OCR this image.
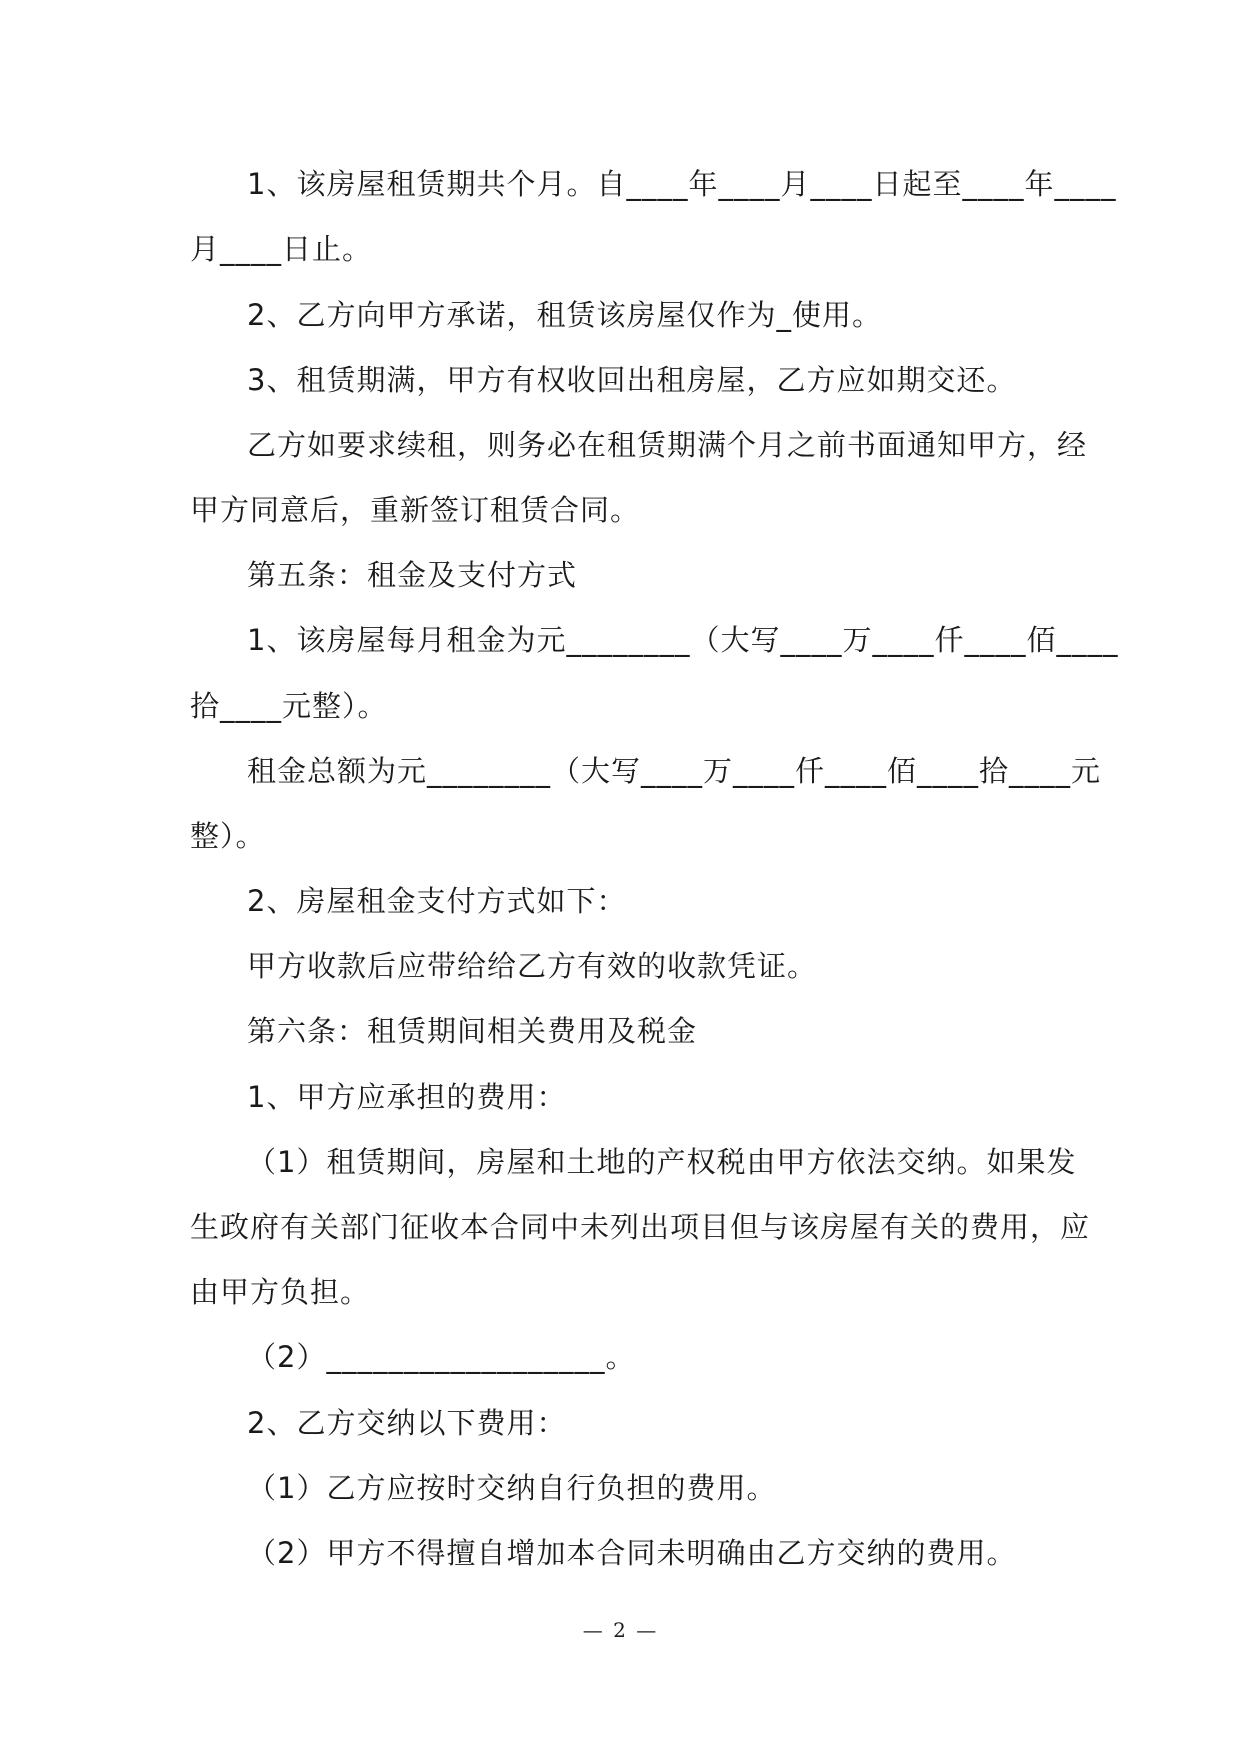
1、该房屋租赁期共个月。自____年____月____日起至____年____
月____日止。
2、乙方向甲方承诺，租赁该房屋仅作为_使用。
3、租赁期满，甲方有权收回出租房屋，乙方应如期交还。
乙方如要求续租，则务必在租赁期满个月之前书面通知甲方，经
甲方同意后，重新签订租赁合同。
第五条：租金及支付方式
1、该房屋每月租金为元________（大写____万____仟____佰____
拾____元整）。
租金总额为元________（大写____万____仟____佰____拾____元
整）。
2、房屋租金支付方式如下：
甲方收款后应带给给乙方有效的收款凭证。
第六条：租赁期间相关费用及税金
1、甲方应承担的费用：
（1）租赁期间，房屋和土地的产权税由甲方依法交纳。如果发
生政府有关部门征收本合同中未列出项目但与该房屋有关的费用，应
由甲方负担。
（2）__________________。
2、乙方交纳以下费用：
（1）乙方应按时交纳自行负担的费用。
（2）甲方不得擅自增加本合同未明确由乙方交纳的费用。
— 2 —
